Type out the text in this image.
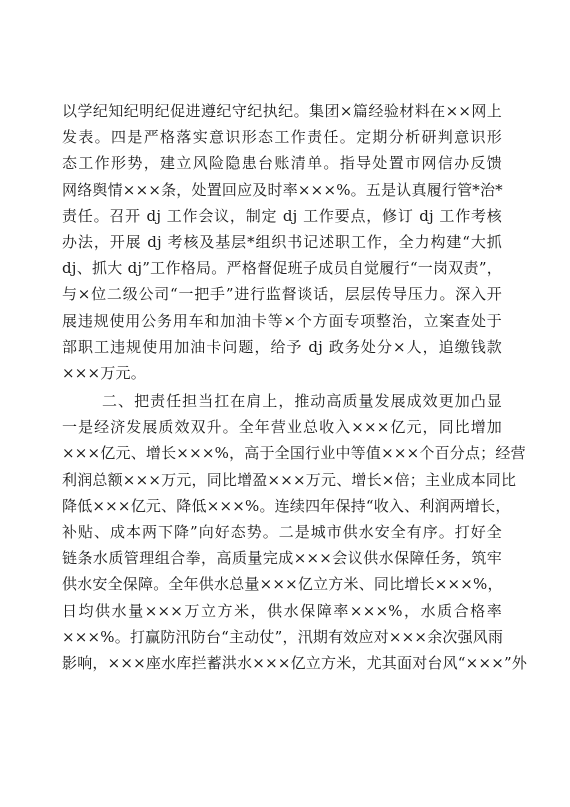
以学纪知纪明纪促进遵纪守纪执纪。集团×篇经验材料在××网上
发表。四是严格落实意识形态工作责任。定期分析研判意识形
态工作形势，建立风险隐患台账清单。指导处置市网信办反馈
网络舆情×××条，处置回应及时率×××%。五是认真履行管*治*
责任。召开 dj 工作会议，制定 dj 工作要点，修订 dj 工作考核
办法，开展 dj 考核及基层*组织书记述职工作，全力构建“大抓
dj、抓大 dj”工作格局。严格督促班子成员自觉履行“一岗双责”，
与×位二级公司“一把手”进行监督谈话，层层传导压力。深入开
展违规使用公务用车和加油卡等×个方面专项整治，立案查处于
部职工违规使用加油卡问题，给予 dj 政务处分×人，追缴钱款
×××万元。
二、把责任担当扛在肩上，推动高质量发展成效更加凸显
一是经济发展质效双升。全年营业总收入×××亿元，同比增加
×××亿元、增长×××%，高于全国行业中等值×××个百分点；经营
利润总额×××万元，同比增盈×××万元、增长×倍；主业成本同比
降低×××亿元、降低×××%。连续四年保持“收入、利润两增长，
补贴、成本两下降”向好态势。二是城市供水安全有序。打好全
链条水质管理组合拳，高质量完成×××会议供水保障任务，筑牢
供水安全保障。全年供水总量×××亿立方米、同比增长×××%，
日均供水量×××万立方米，供水保障率×××%，水质合格率
×××%。打赢防汛防台“主动仗”，汛期有效应对×××余次强风雨
影响，×××座水库拦蓄洪水×××亿立方米，尤其面对台风“×××”外
